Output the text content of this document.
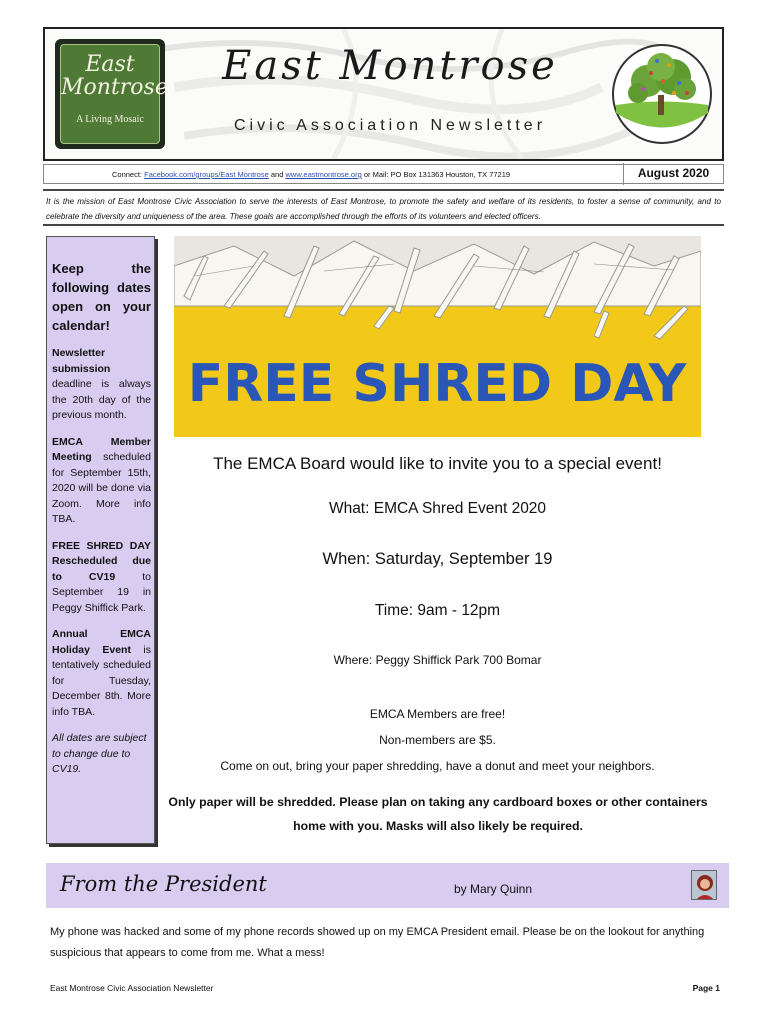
East
Montrose
A Living Mosaic
East Montrose
Civic Association Newsletter
Connect: Facebook.com/groups/East Montrose and www.eastmontrose.org or Mail: PO Box 131363 Houston, TX 77219	August 2020
It is the mission of East Montrose Civic Association to serve the interests of East Montrose, to promote the safety and welfare of its residents, to foster a sense of community, and to celebrate the diversity and uniqueness of the area. These goals are accomplished through the efforts of its volunteers and elected officers.
Keep the following dates open on your calendar!
Newsletter submission deadline is always the 20th day of the previous month.
EMCA Member Meeting scheduled for September 15th, 2020 will be done via Zoom. More info TBA.
FREE SHRED DAY Rescheduled due to CV19 to September 19 in Peggy Shiffick Park.
Annual EMCA Holiday Event is tentatively scheduled for Tuesday, December 8th. More info TBA.
All dates are subject to change due to CV19.
FREE SHRED DAY
The EMCA Board would like to invite you to a special event!
What: EMCA Shred Event 2020
When: Saturday, September 19
Time: 9am - 12pm
Where: Peggy Shiffick Park 700 Bomar
EMCA Members are free!
Non-members are $5.
Come on out, bring your paper shredding, have a donut and meet your neighbors.
Only paper will be shredded. Please plan on taking any cardboard boxes or other containers home with you. Masks will also likely be required.
From the President	by Mary Quinn
My phone was hacked and some of my phone records showed up on my EMCA President email. Please be on the lookout for anything suspicious that appears to come from me. What a mess!
East Montrose Civic Association Newsletter	Page 1
